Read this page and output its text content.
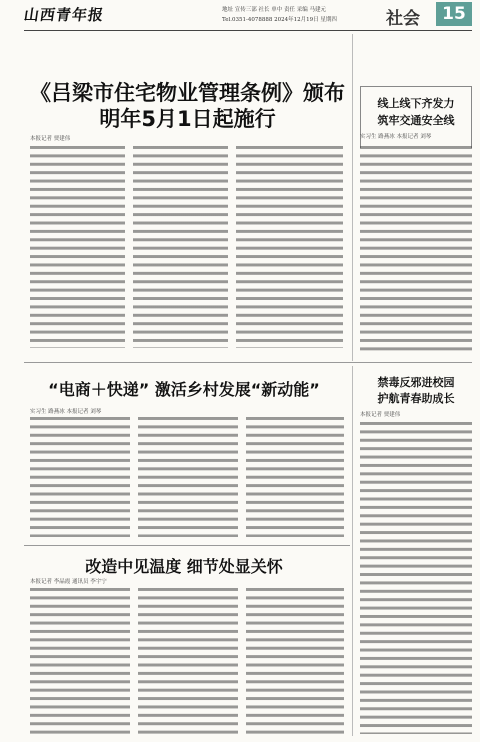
山西青年报	地址 宣传三部 社长 单中 责任 采编 马建元
Tel.0351-4078888 2024年12月19日 星期四	社会	15
《吕梁市住宅物业管理条例》颁布
明年5月1日起施行
本报记者 贾建伟
线上线下齐发力
筑牢交通安全线
实习生 路燕冰 本报记者 刘琴
“电商＋快递” 激活乡村发展“新动能”
实习生 路燕冰 本报记者 刘琴
禁毒反邪进校园
护航青春助成长
本报记者 贾建伟
改造中见温度 细节处显关怀
本报记者 李晶霞 通讯员 李宇宁
